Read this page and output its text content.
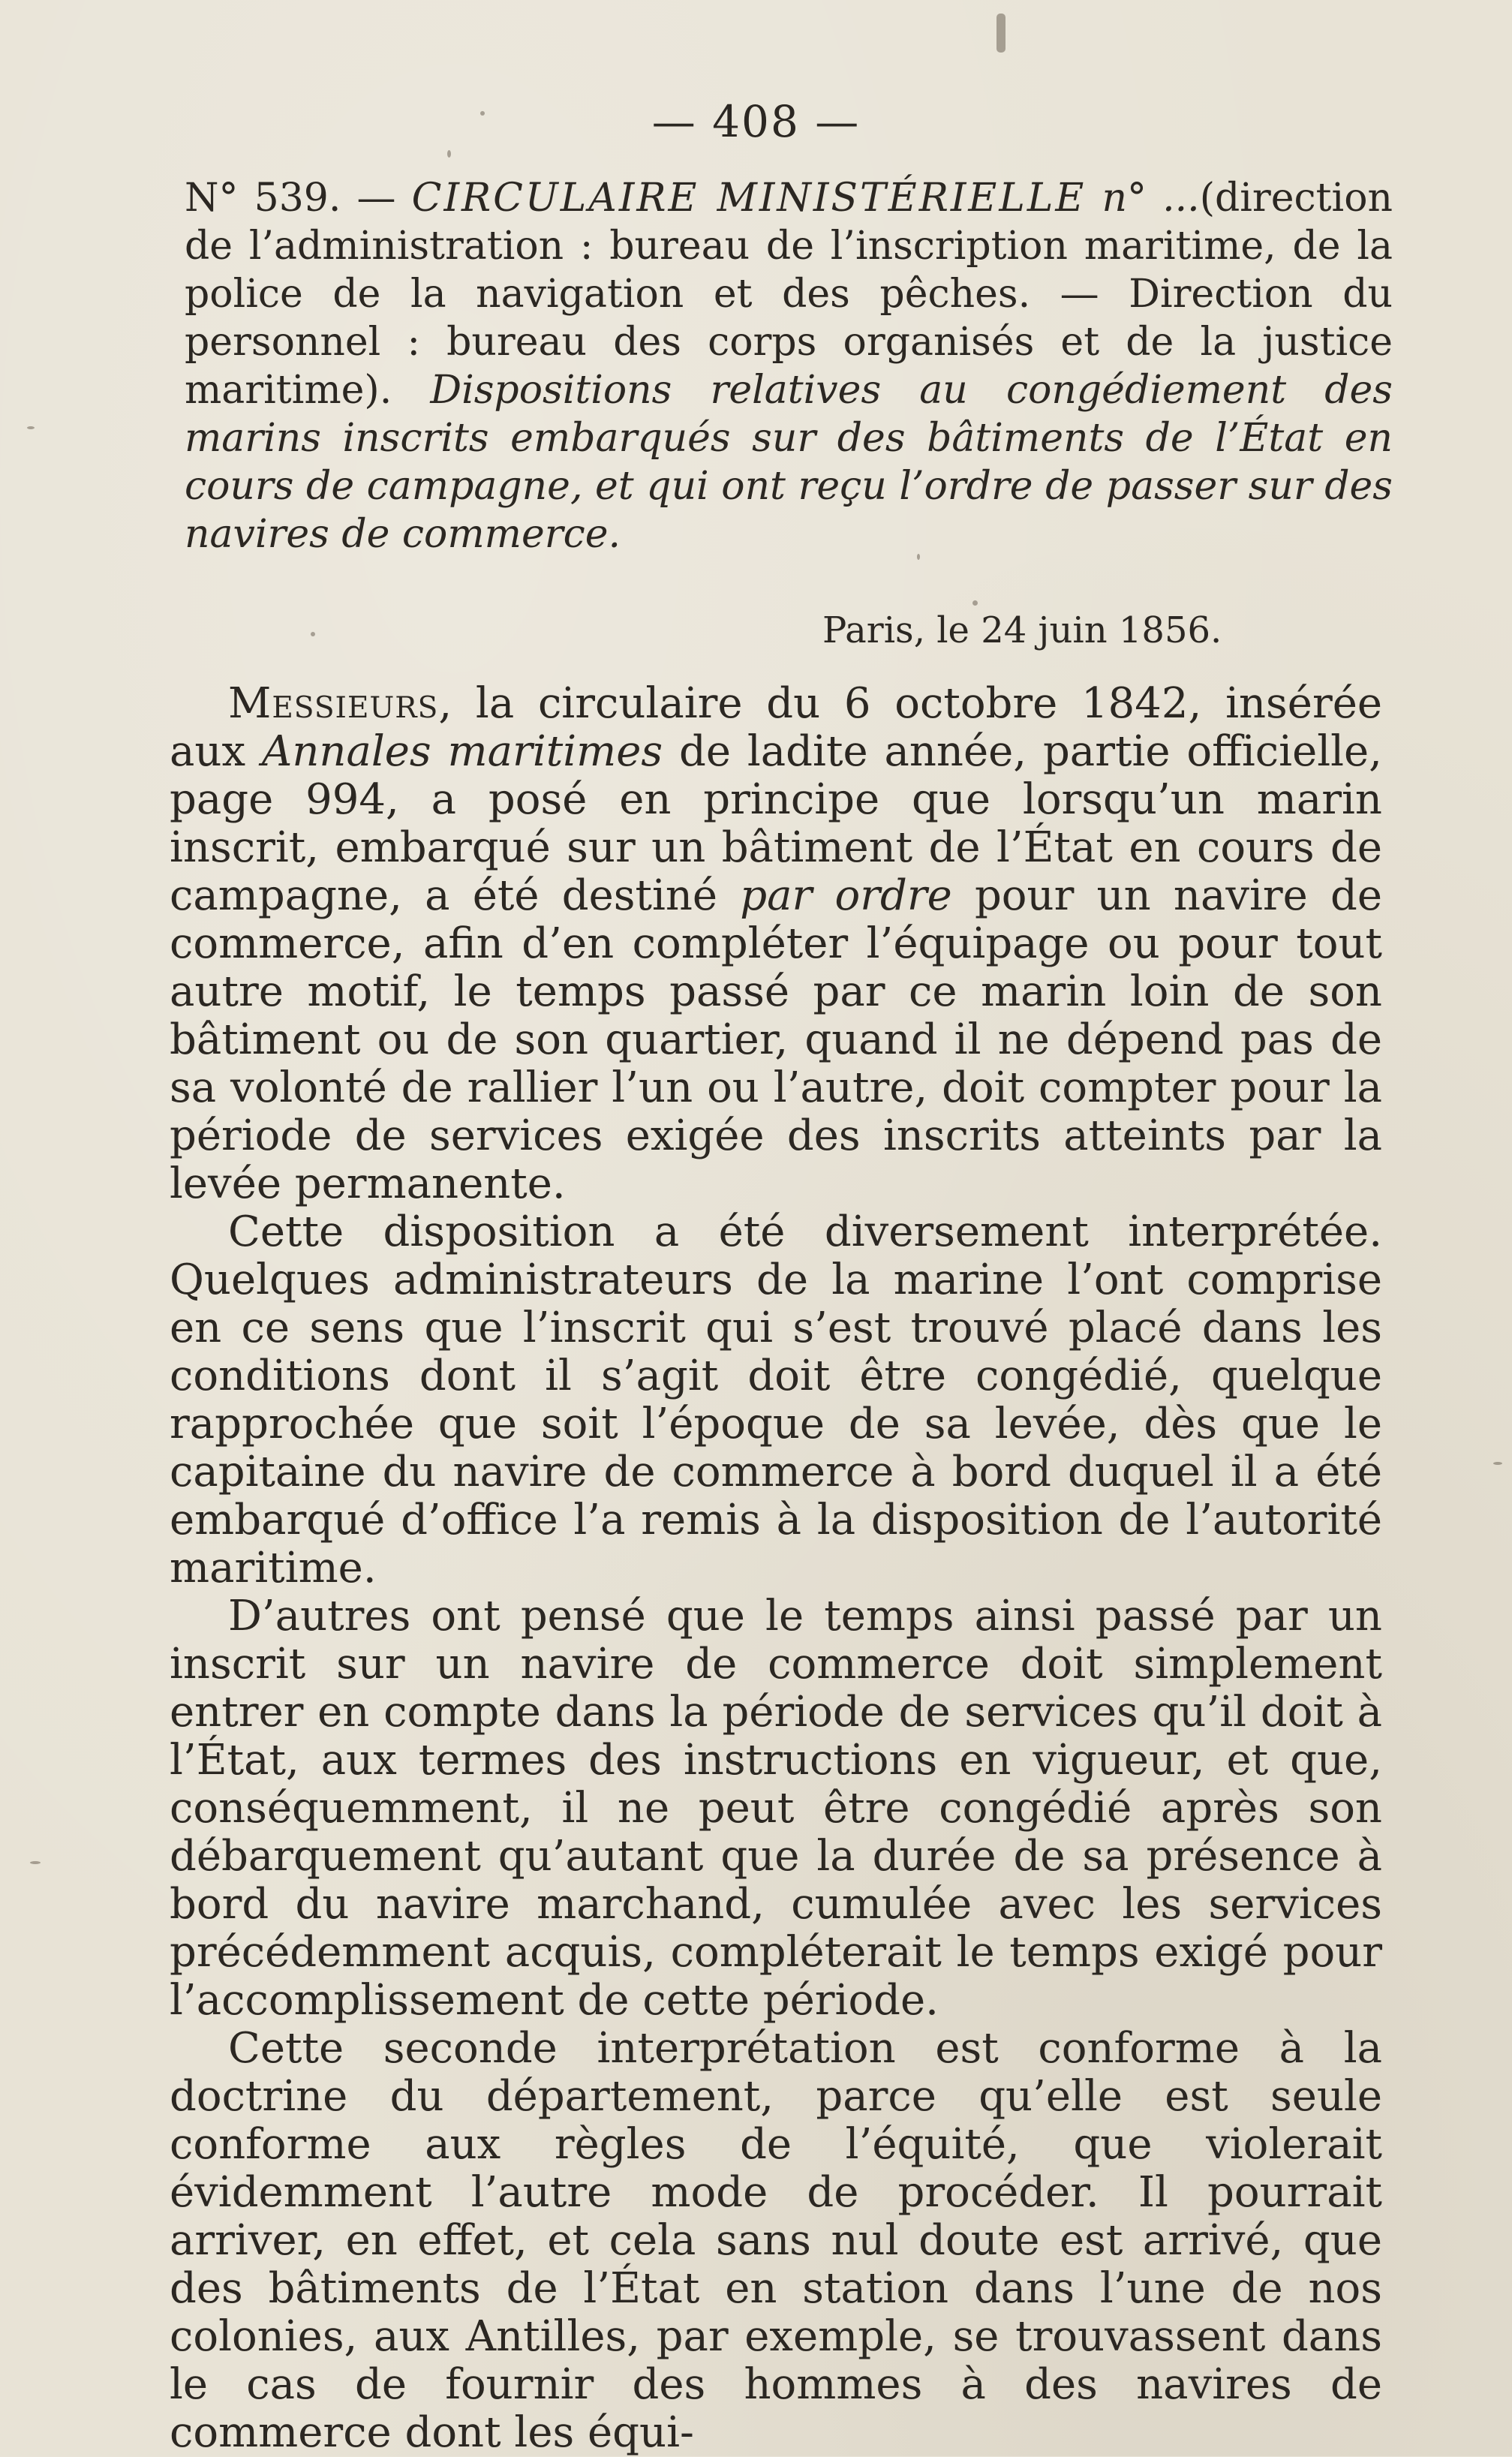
— 408 —
N° 539. — CIRCULAIRE MINISTÉRIELLE n° ...(direction de l’administration : bureau de l’inscription maritime, de la police de la navigation et des pêches. — Direction du personnel : bureau des corps organisés et de la justice maritime). Dispositions relatives au congédiement des marins inscrits embarqués sur des bâtiments de l’État en cours de campagne, et qui ont reçu l’ordre de passer sur des navires de commerce.
Paris, le 24 juin 1856.

Messieurs, la circulaire du 6 octobre 1842, insérée aux Annales maritimes de ladite année, partie officielle, page 994, a posé en principe que lorsqu’un marin inscrit, embarqué sur un bâtiment de l’État en cours de campagne, a été destiné par ordre pour un navire de commerce, afin d’en compléter l’équipage ou pour tout autre motif, le temps passé par ce marin loin de son bâtiment ou de son quartier, quand il ne dépend pas de sa volonté de rallier l’un ou l’autre, doit compter pour la période de services exigée des inscrits atteints par la levée permanente.

Cette disposition a été diversement interprétée. Quelques administrateurs de la marine l’ont comprise en ce sens que l’inscrit qui s’est trouvé placé dans les conditions dont il s’agit doit être congédié, quelque rapprochée que soit l’époque de sa levée, dès que le capitaine du navire de commerce à bord duquel il a été embarqué d’office l’a remis à la disposition de l’autorité maritime.

D’autres ont pensé que le temps ainsi passé par un inscrit sur un navire de commerce doit simplement entrer en compte dans la période de services qu’il doit à l’État, aux termes des instructions en vigueur, et que, conséquemment, il ne peut être congédié après son débarquement qu’autant que la durée de sa présence à bord du navire marchand, cumulée avec les services précédemment acquis, compléterait le temps exigé pour l’accomplissement de cette période.

Cette seconde interprétation est conforme à la doctrine du département, parce qu’elle est seule conforme aux règles de l’équité, que violerait évidemment l’autre mode de procéder. Il pourrait arriver, en effet, et cela sans nul doute est arrivé, que des bâtiments de l’État en station dans l’une de nos colonies, aux Antilles, par exemple, se trouvassent dans le cas de fournir des hommes à des navires de commerce dont les équi-
